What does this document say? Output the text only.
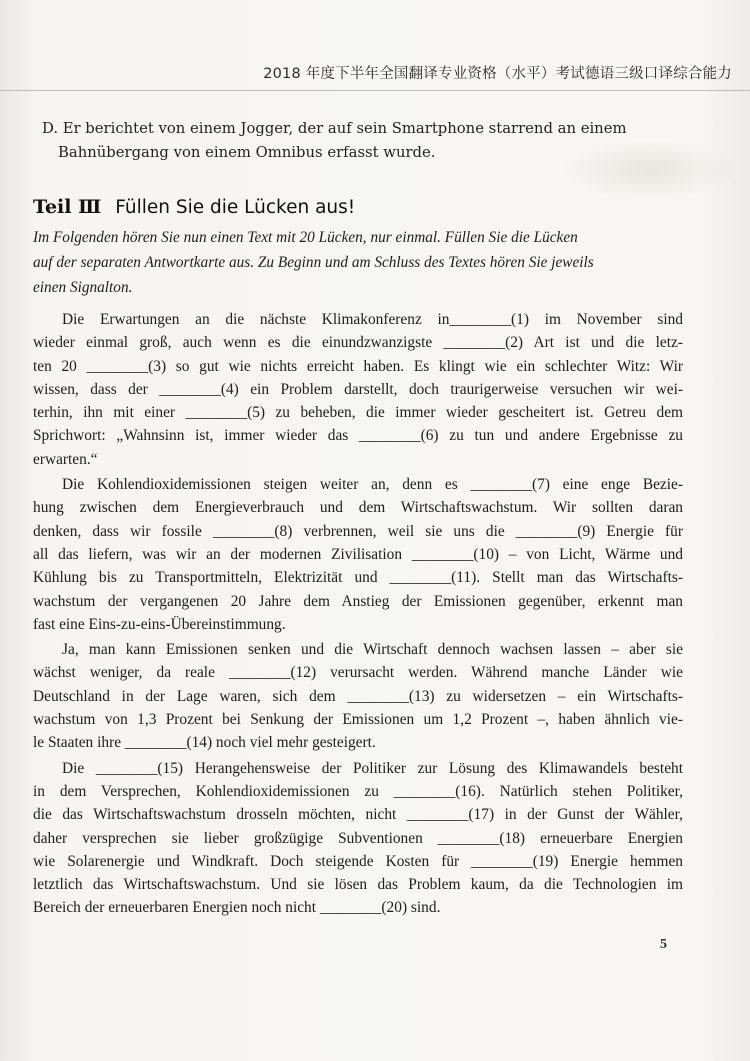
2018 年度下半年全国翻译专业资格（水平）考试德语三级口译综合能力
D. Er berichtet von einem Jogger, der auf sein Smartphone starrend an einem
Bahnübergang von einem Omnibus erfasst wurde.
Teil Ⅲ Füllen Sie die Lücken aus!
Im Folgenden hören Sie nun einen Text mit 20 Lücken, nur einmal. Füllen Sie die Lücken
auf der separaten Antwortkarte aus. Zu Beginn und am Schluss des Textes hören Sie jeweils
einen Signalton.

Die Erwartungen an die nächste Klimakonferenz in________(1) im November sind
wieder einmal groß, auch wenn es die einundzwanzigste ________(2) Art ist und die letz-
ten 20 ________(3) so gut wie nichts erreicht haben. Es klingt wie ein schlechter Witz: Wir
wissen, dass der ________(4) ein Problem darstellt, doch traurigerweise versuchen wir wei-
terhin, ihn mit einer ________(5) zu beheben, die immer wieder gescheitert ist. Getreu dem
Sprichwort: „Wahnsinn ist, immer wieder das ________(6) zu tun und andere Ergebnisse zu
erwarten.“

Die Kohlendioxidemissionen steigen weiter an, denn es ________(7) eine enge Bezie-
hung zwischen dem Energieverbrauch und dem Wirtschaftswachstum. Wir sollten daran
denken, dass wir fossile ________(8) verbrennen, weil sie uns die ________(9) Energie für
all das liefern, was wir an der modernen Zivilisation ________(10) – von Licht, Wärme und
Kühlung bis zu Transportmitteln, Elektrizität und ________(11). Stellt man das Wirtschafts-
wachstum der vergangenen 20 Jahre dem Anstieg der Emissionen gegenüber, erkennt man
fast eine Eins-zu-eins-Übereinstimmung.

Ja, man kann Emissionen senken und die Wirtschaft dennoch wachsen lassen – aber sie
wächst weniger, da reale ________(12) verursacht werden. Während manche Länder wie
Deutschland in der Lage waren, sich dem ________(13) zu widersetzen – ein Wirtschafts-
wachstum von 1,3 Prozent bei Senkung der Emissionen um 1,2 Prozent –, haben ähnlich vie-
le Staaten ihre ________(14) noch viel mehr gesteigert.

Die ________(15) Herangehensweise der Politiker zur Lösung des Klimawandels besteht
in dem Versprechen, Kohlendioxidemissionen zu ________(16). Natürlich stehen Politiker,
die das Wirtschaftswachstum drosseln möchten, nicht ________(17) in der Gunst der Wähler,
daher versprechen sie lieber großzügige Subventionen ________(18) erneuerbare Energien
wie Solarenergie und Windkraft. Doch steigende Kosten für ________(19) Energie hemmen
letztlich das Wirtschaftswachstum. Und sie lösen das Problem kaum, da die Technologien im
Bereich der erneuerbaren Energien noch nicht ________(20) sind.

5
